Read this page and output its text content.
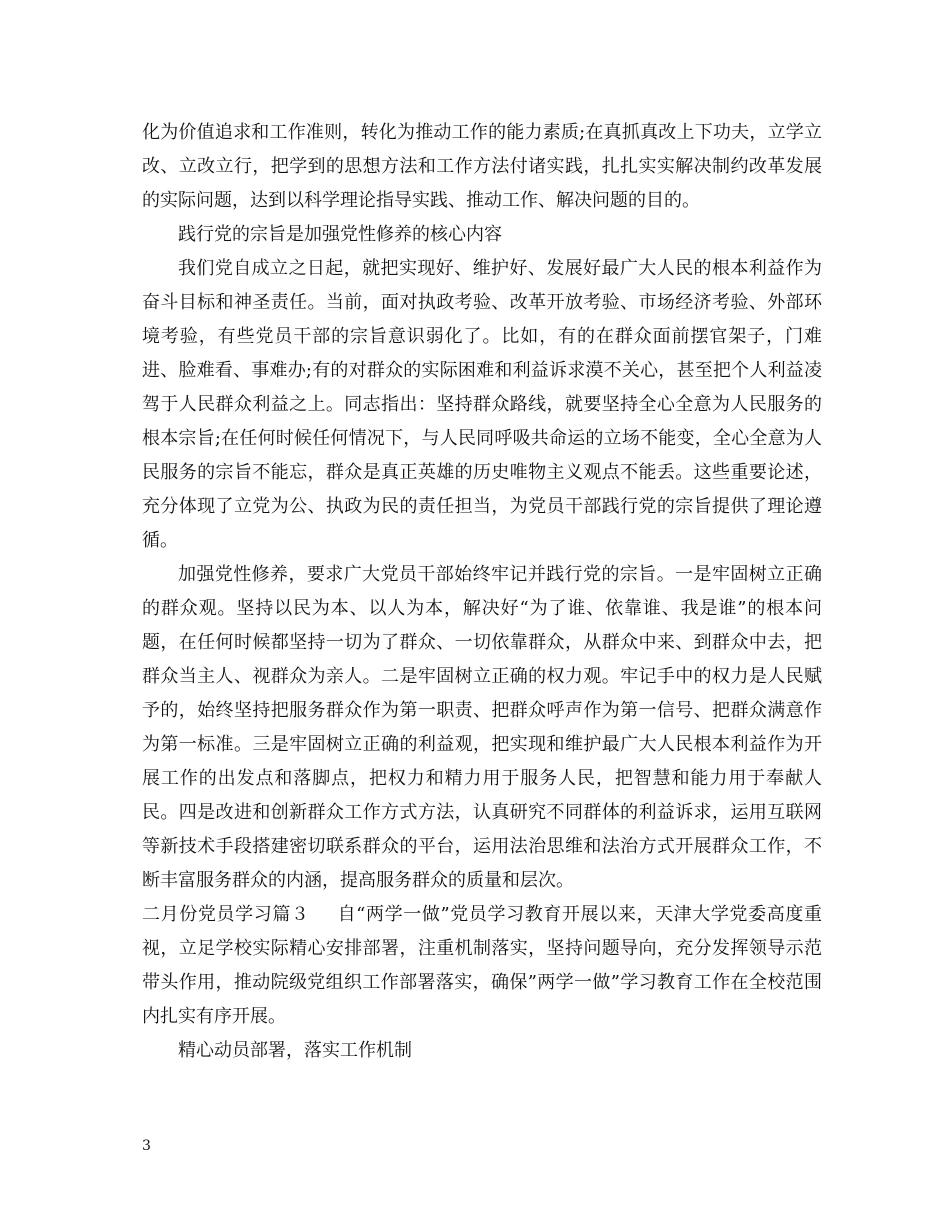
化为价值追求和工作准则，转化为推动工作的能力素质;在真抓真改上下功夫，立学立改、立改立行，把学到的思想方法和工作方法付诸实践，扎扎实实解决制约改革发展的实际问题，达到以科学理论指导实践、推动工作、解决问题的目的。

践行党的宗旨是加强党性修养的核心内容

我们党自成立之日起，就把实现好、维护好、发展好最广大人民的根本利益作为奋斗目标和神圣责任。当前，面对执政考验、改革开放考验、市场经济考验、外部环境考验，有些党员干部的宗旨意识弱化了。比如，有的在群众面前摆官架子，门难进、脸难看、事难办;有的对群众的实际困难和利益诉求漠不关心，甚至把个人利益凌驾于人民群众利益之上。同志指出：坚持群众路线，就要坚持全心全意为人民服务的根本宗旨;在任何时候任何情况下，与人民同呼吸共命运的立场不能变，全心全意为人民服务的宗旨不能忘，群众是真正英雄的历史唯物主义观点不能丢。这些重要论述，充分体现了立党为公、执政为民的责任担当，为党员干部践行党的宗旨提供了理论遵循。

加强党性修养，要求广大党员干部始终牢记并践行党的宗旨。一是牢固树立正确的群众观。坚持以民为本、以人为本，解决好“为了谁、依靠谁、我是谁”的根本问题，在任何时候都坚持一切为了群众、一切依靠群众，从群众中来、到群众中去，把群众当主人、视群众为亲人。二是牢固树立正确的权力观。牢记手中的权力是人民赋予的，始终坚持把服务群众作为第一职责、把群众呼声作为第一信号、把群众满意作为第一标准。三是牢固树立正确的利益观，把实现和维护最广大人民根本利益作为开展工作的出发点和落脚点，把权力和精力用于服务人民，把智慧和能力用于奉献人民。四是改进和创新群众工作方式方法，认真研究不同群体的利益诉求，运用互联网等新技术手段搭建密切联系群众的平台，运用法治思维和法治方式开展群众工作，不断丰富服务群众的内涵，提高服务群众的质量和层次。

二月份党员学习篇３ 自“两学一做”党员学习教育开展以来，天津大学党委高度重视，立足学校实际精心安排部署，注重机制落实，坚持问题导向，充分发挥领导示范带头作用，推动院级党组织工作部署落实，确保”两学一做”学习教育工作在全校范围内扎实有序开展。

精心动员部署，落实工作机制

3
